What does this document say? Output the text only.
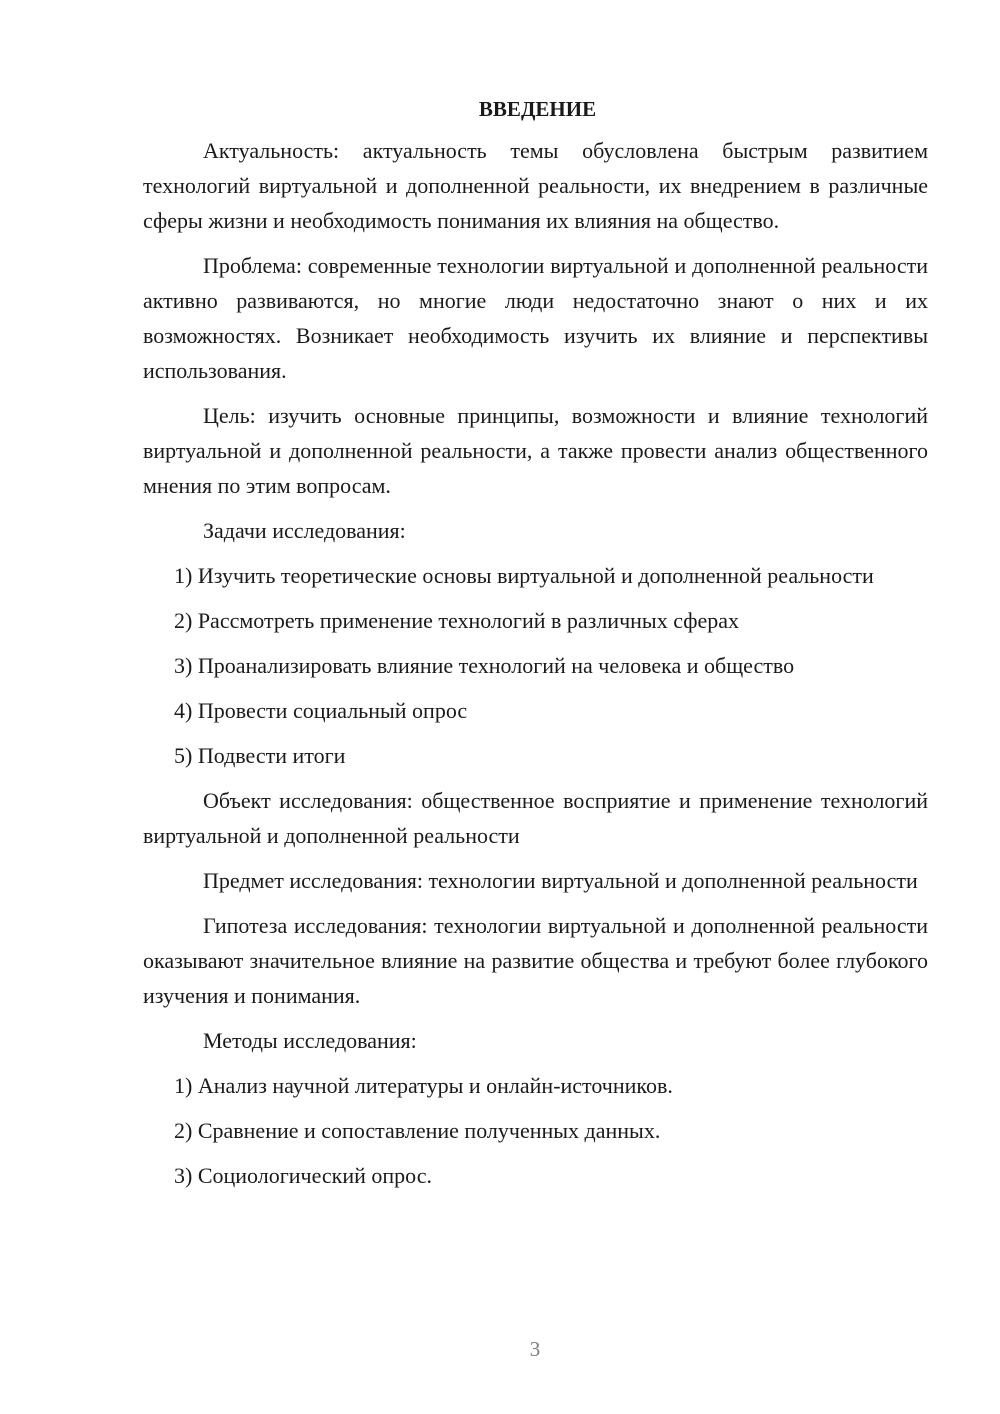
ВВЕДЕНИЕ
Актуальность: актуальность темы обусловлена быстрым развитием технологий виртуальной и дополненной реальности, их внедрением в различные сферы жизни и необходимость понимания их влияния на общество.
Проблема: современные технологии виртуальной и дополненной реальности активно развиваются, но многие люди недостаточно знают о них и их возможностях. Возникает необходимость изучить их влияние и перспективы использования.
Цель: изучить основные принципы, возможности и влияние технологий виртуальной и дополненной реальности, а также провести анализ общественного мнения по этим вопросам.
Задачи исследования:
1) Изучить теоретические основы виртуальной и дополненной реальности
2) Рассмотреть применение технологий в различных сферах
3) Проанализировать влияние технологий на человека и общество
4) Провести социальный опрос
5) Подвести итоги
Объект исследования: общественное восприятие и применение технологий виртуальной и дополненной реальности
Предмет исследования: технологии виртуальной и дополненной реальности
Гипотеза исследования: технологии виртуальной и дополненной реальности оказывают значительное влияние на развитие общества и требуют более глубокого изучения и понимания.
Методы исследования:
1) Анализ научной литературы и онлайн-источников.
2) Сравнение и сопоставление полученных данных.
3) Социологический опрос.
3
